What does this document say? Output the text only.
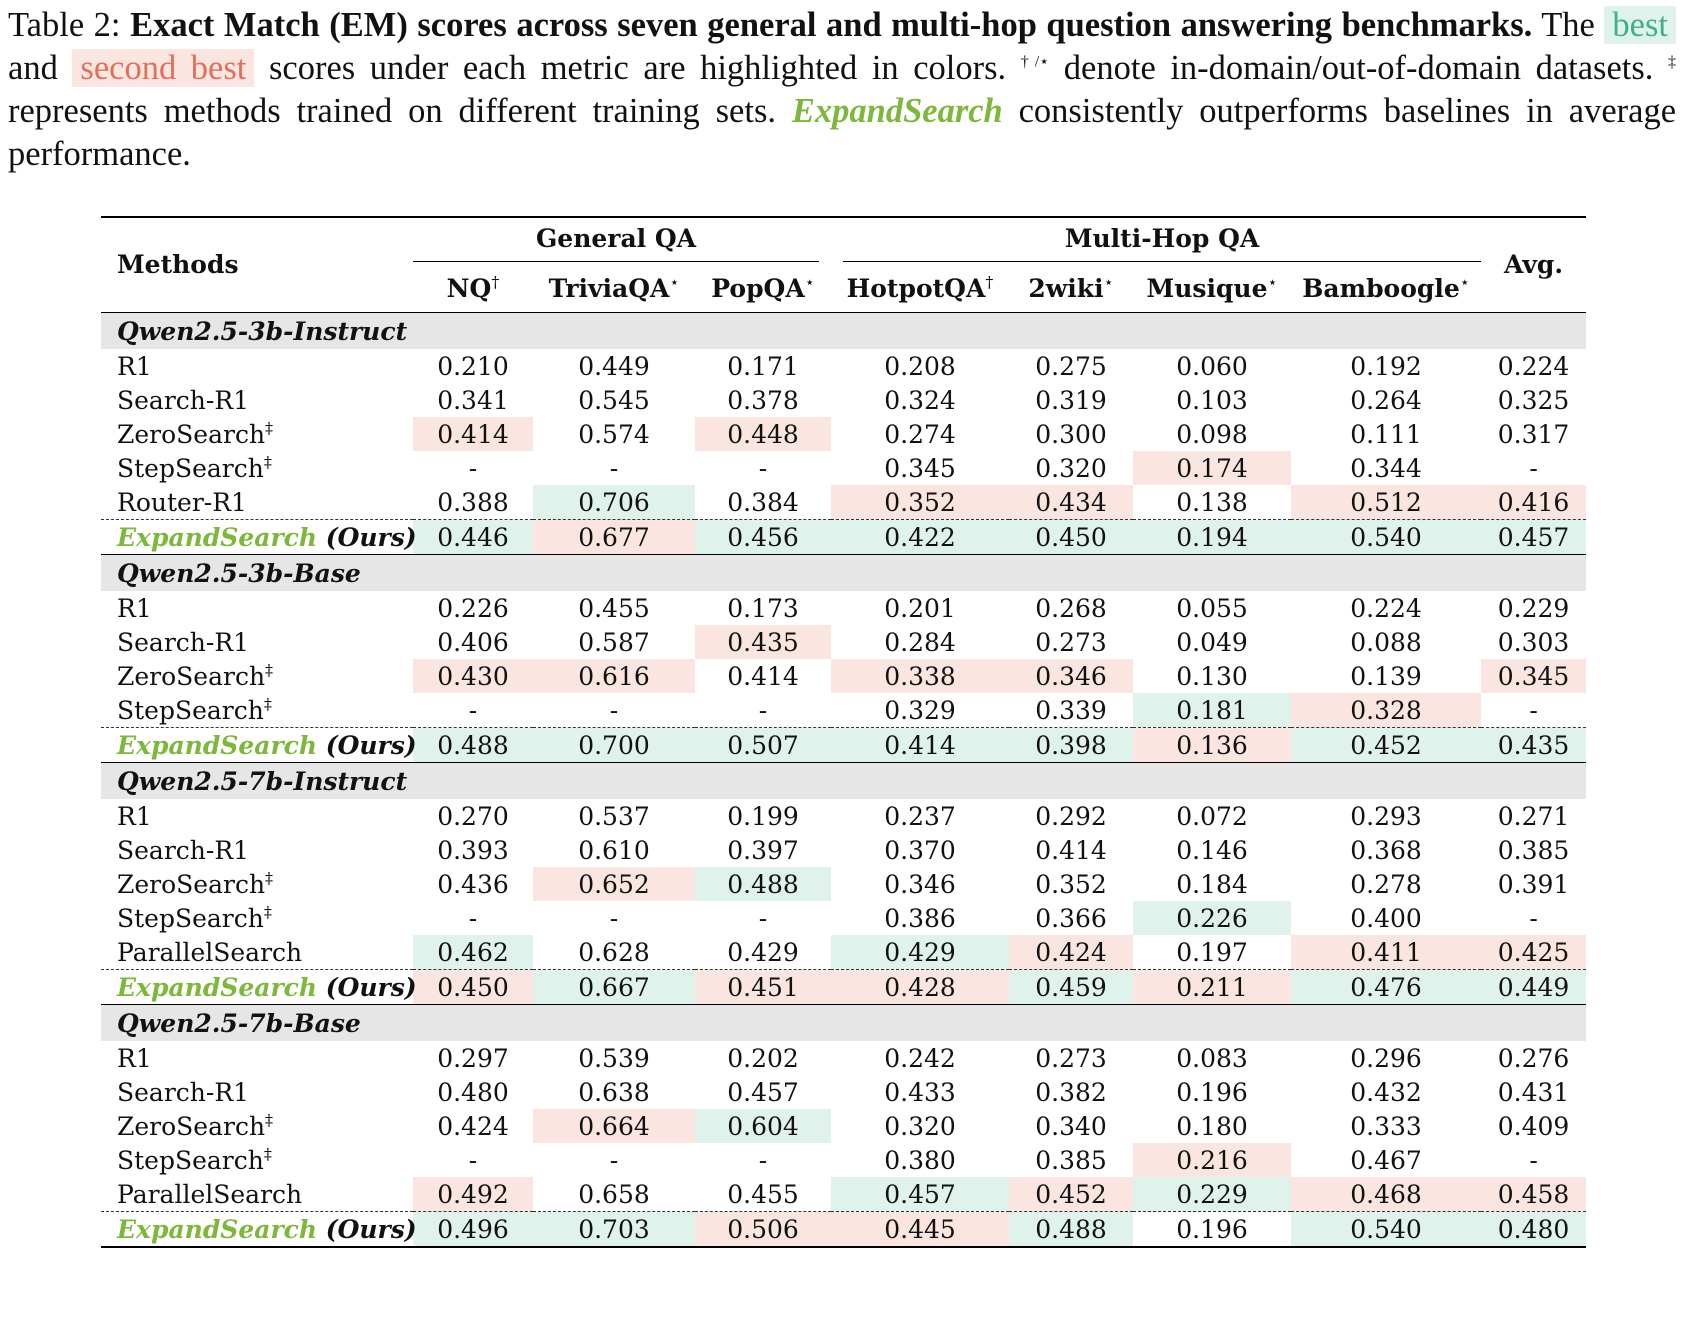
Table 2: Exact Match (EM) scores across seven general and multi-hop question answering benchmarks. The best and second best scores under each metric are highlighted in colors. †/⋆ denote in-domain/out-of-domain datasets. ‡ represents methods trained on different training sets. ExpandSearch consistently outperforms baselines in average performance.
Methods	General QA			Multi-Hop QA				Avg.
	NQ†	TriviaQA⋆	PopQA⋆	HotpotQA†	2wiki⋆	Musique⋆	Bamboogle⋆
Qwen2.5-3b-Instruct								
R1	0.210	0.449	0.171	0.208	0.275	0.060	0.192	0.224
Search-R1	0.341	0.545	0.378	0.324	0.319	0.103	0.264	0.325
ZeroSearch‡	0.414	0.574	0.448	0.274	0.300	0.098	0.111	0.317
StepSearch‡	-	-	-	0.345	0.320	0.174	0.344	-
Router-R1	0.388	0.706	0.384	0.352	0.434	0.138	0.512	0.416
ExpandSearch (Ours)	0.446	0.677	0.456	0.422	0.450	0.194	0.540	0.457
Qwen2.5-3b-Base								
R1	0.226	0.455	0.173	0.201	0.268	0.055	0.224	0.229
Search-R1	0.406	0.587	0.435	0.284	0.273	0.049	0.088	0.303
ZeroSearch‡	0.430	0.616	0.414	0.338	0.346	0.130	0.139	0.345
StepSearch‡	-	-	-	0.329	0.339	0.181	0.328	-
ExpandSearch (Ours)	0.488	0.700	0.507	0.414	0.398	0.136	0.452	0.435
Qwen2.5-7b-Instruct								
R1	0.270	0.537	0.199	0.237	0.292	0.072	0.293	0.271
Search-R1	0.393	0.610	0.397	0.370	0.414	0.146	0.368	0.385
ZeroSearch‡	0.436	0.652	0.488	0.346	0.352	0.184	0.278	0.391
StepSearch‡	-	-	-	0.386	0.366	0.226	0.400	-
ParallelSearch	0.462	0.628	0.429	0.429	0.424	0.197	0.411	0.425
ExpandSearch (Ours)	0.450	0.667	0.451	0.428	0.459	0.211	0.476	0.449
Qwen2.5-7b-Base								
R1	0.297	0.539	0.202	0.242	0.273	0.083	0.296	0.276
Search-R1	0.480	0.638	0.457	0.433	0.382	0.196	0.432	0.431
ZeroSearch‡	0.424	0.664	0.604	0.320	0.340	0.180	0.333	0.409
StepSearch‡	-	-	-	0.380	0.385	0.216	0.467	-
ParallelSearch	0.492	0.658	0.455	0.457	0.452	0.229	0.468	0.458
ExpandSearch (Ours)	0.496	0.703	0.506	0.445	0.488	0.196	0.540	0.480
